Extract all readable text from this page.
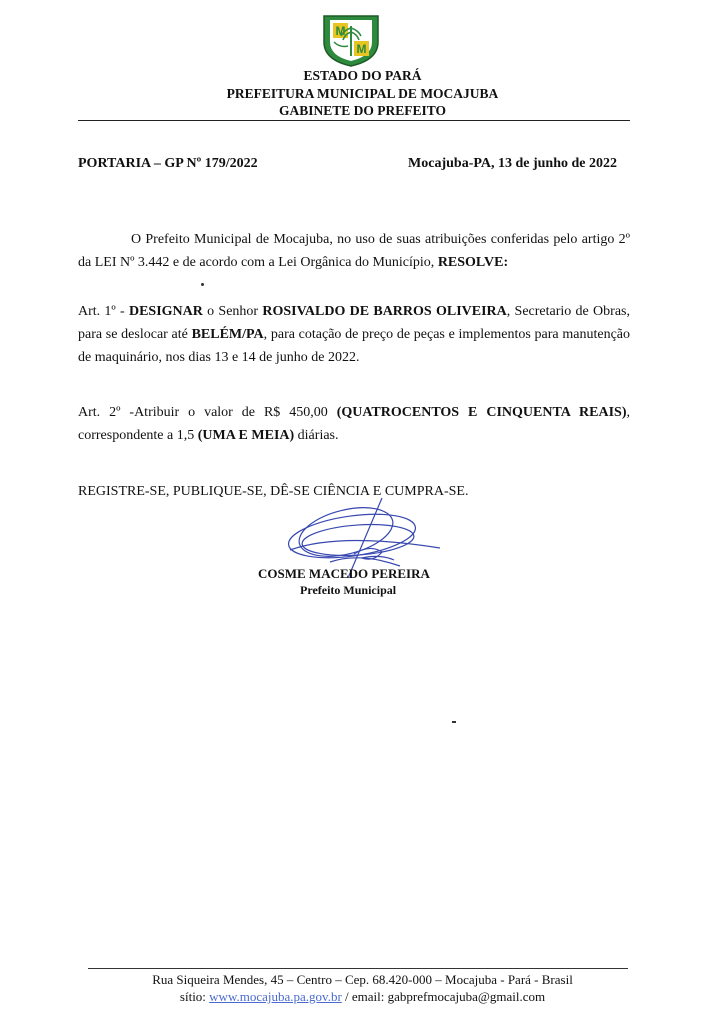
M
M
ESTADO DO PARÁ
PREFEITURA MUNICIPAL DE MOCAJUBA
GABINETE DO PREFEITO
PORTARIA – GP Nº 179/2022	Mocajuba-PA, 13 de junho de 2022
O Prefeito Municipal de Mocajuba, no uso de suas atribuições conferidas pelo artigo 2º da LEI Nº 3.442 e de acordo com a Lei Orgânica do Município, RESOLVE:
Art. 1º - DESIGNAR o Senhor ROSIVALDO DE BARROS OLIVEIRA, Secretario de Obras, para se deslocar até BELÉM/PA, para cotação de preço de peças e implementos para manutenção de maquinário, nos dias 13 e 14 de junho de 2022.
Art. 2º -Atribuir o valor de R$ 450,00 (QUATROCENTOS E CINQUENTA REAIS), correspondente a 1,5 (UMA E MEIA) diárias.
REGISTRE-SE, PUBLIQUE-SE, DÊ-SE CIÊNCIA E CUMPRA-SE.
COSME MACEDO PEREIRA
Prefeito Municipal
Rua Siqueira Mendes, 45 – Centro – Cep. 68.420-000 – Mocajuba - Pará - Brasil
sítio: www.mocajuba.pa.gov.br / email: gabprefmocajuba@gmail.com
